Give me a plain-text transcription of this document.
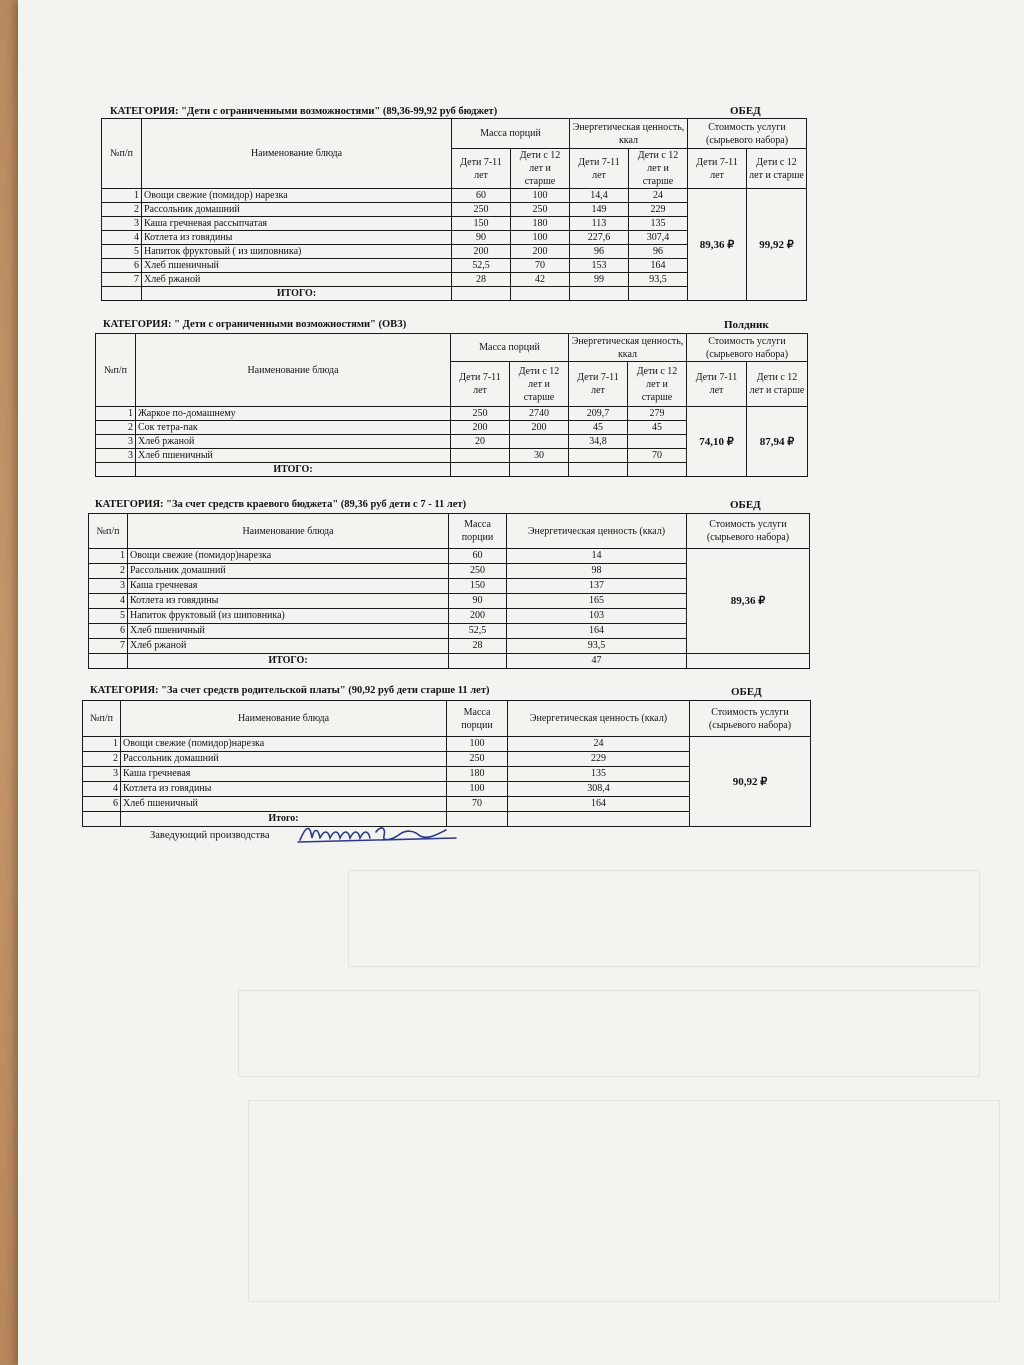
КАТЕГОРИЯ: "Дети с ограниченными возможностями" (89,36-99,92 руб бюджет)	ОБЕД
№п/п	Наименование блюда	Масса порций		Энергетическая ценность, ккал		Стоимость услуги (сырьевого набора)	
		Дети 7-11 лет	Дети с 12 лет и старше	Дети 7-11 лет	Дети с 12 лет и старше	Дети 7-11 лет	Дети с 12 лет и старше
1	Овощи свежие (помидор) нарезка	60	100	14,4	24	89,36 ₽	99,92 ₽
2	Рассольник домашний	250	250	149	229		
3	Каша гречневая рассыпчатая	150	180	113	135		
4	Котлета из говядины	90	100	227,6	307,4		
5	Напиток фруктовый ( из шиповника)	200	200	96	96		
6	Хлеб пшеничный	52,5	70	153	164		
7	Хлеб ржаной	28	42	99	93,5		
	ИТОГО:						
КАТЕГОРИЯ: " Дети с ограниченными возможностями" (ОВЗ)	Полдник
№п/п	Наименование блюда	Масса порций		Энергетическая ценность, ккал		Стоимость услуги (сырьевого набора)	
		Дети 7-11 лет	Дети с 12 лет и старше	Дети 7-11 лет	Дети с 12 лет и старше	Дети 7-11 лет	Дети с 12 лет и старше
1	Жаркое по-домашнему	250	2740	209,7	279	74,10 ₽	87,94 ₽
2	Сок тетра-пак	200	200	45	45		
3	Хлеб ржаной	20		34,8			
3	Хлеб пшеничный		30		70		
	ИТОГО:						
КАТЕГОРИЯ: "За счет средств краевого бюджета" (89,36 руб дети с 7 - 11 лет)	ОБЕД
№п/п	Наименование блюда	Масса порции	Энергетическая ценность (ккал)	Стоимость услуги (сырьевого набора)
1	Овощи свежие (помидор)нарезка	60	14	89,36 ₽
2	Рассольник домашний	250	98	
3	Каша гречневая	150	137	
4	Котлета из говядины	90	165	
5	Напиток фруктовый (из шиповника)	200	103	
6	Хлеб пшеничный	52,5	164	
7	Хлеб ржаной	28	93,5	
	ИТОГО:		47	
КАТЕГОРИЯ: "За счет средств родительской платы" (90,92 руб дети старше 11 лет)	ОБЕД
№п/п	Наименование блюда	Масса порции	Энергетическая ценность (ккал)	Стоимость услуги (сырьевого набора)
1	Овощи свежие (помидор)нарезка	100	24	90,92 ₽
2	Рассольник домашний	250	229	
3	Каша гречневая	180	135	
4	Котлета из говядины	100	308,4	
6	Хлеб пшеничный	70	164	
	Итого:			
Заведующий производства
